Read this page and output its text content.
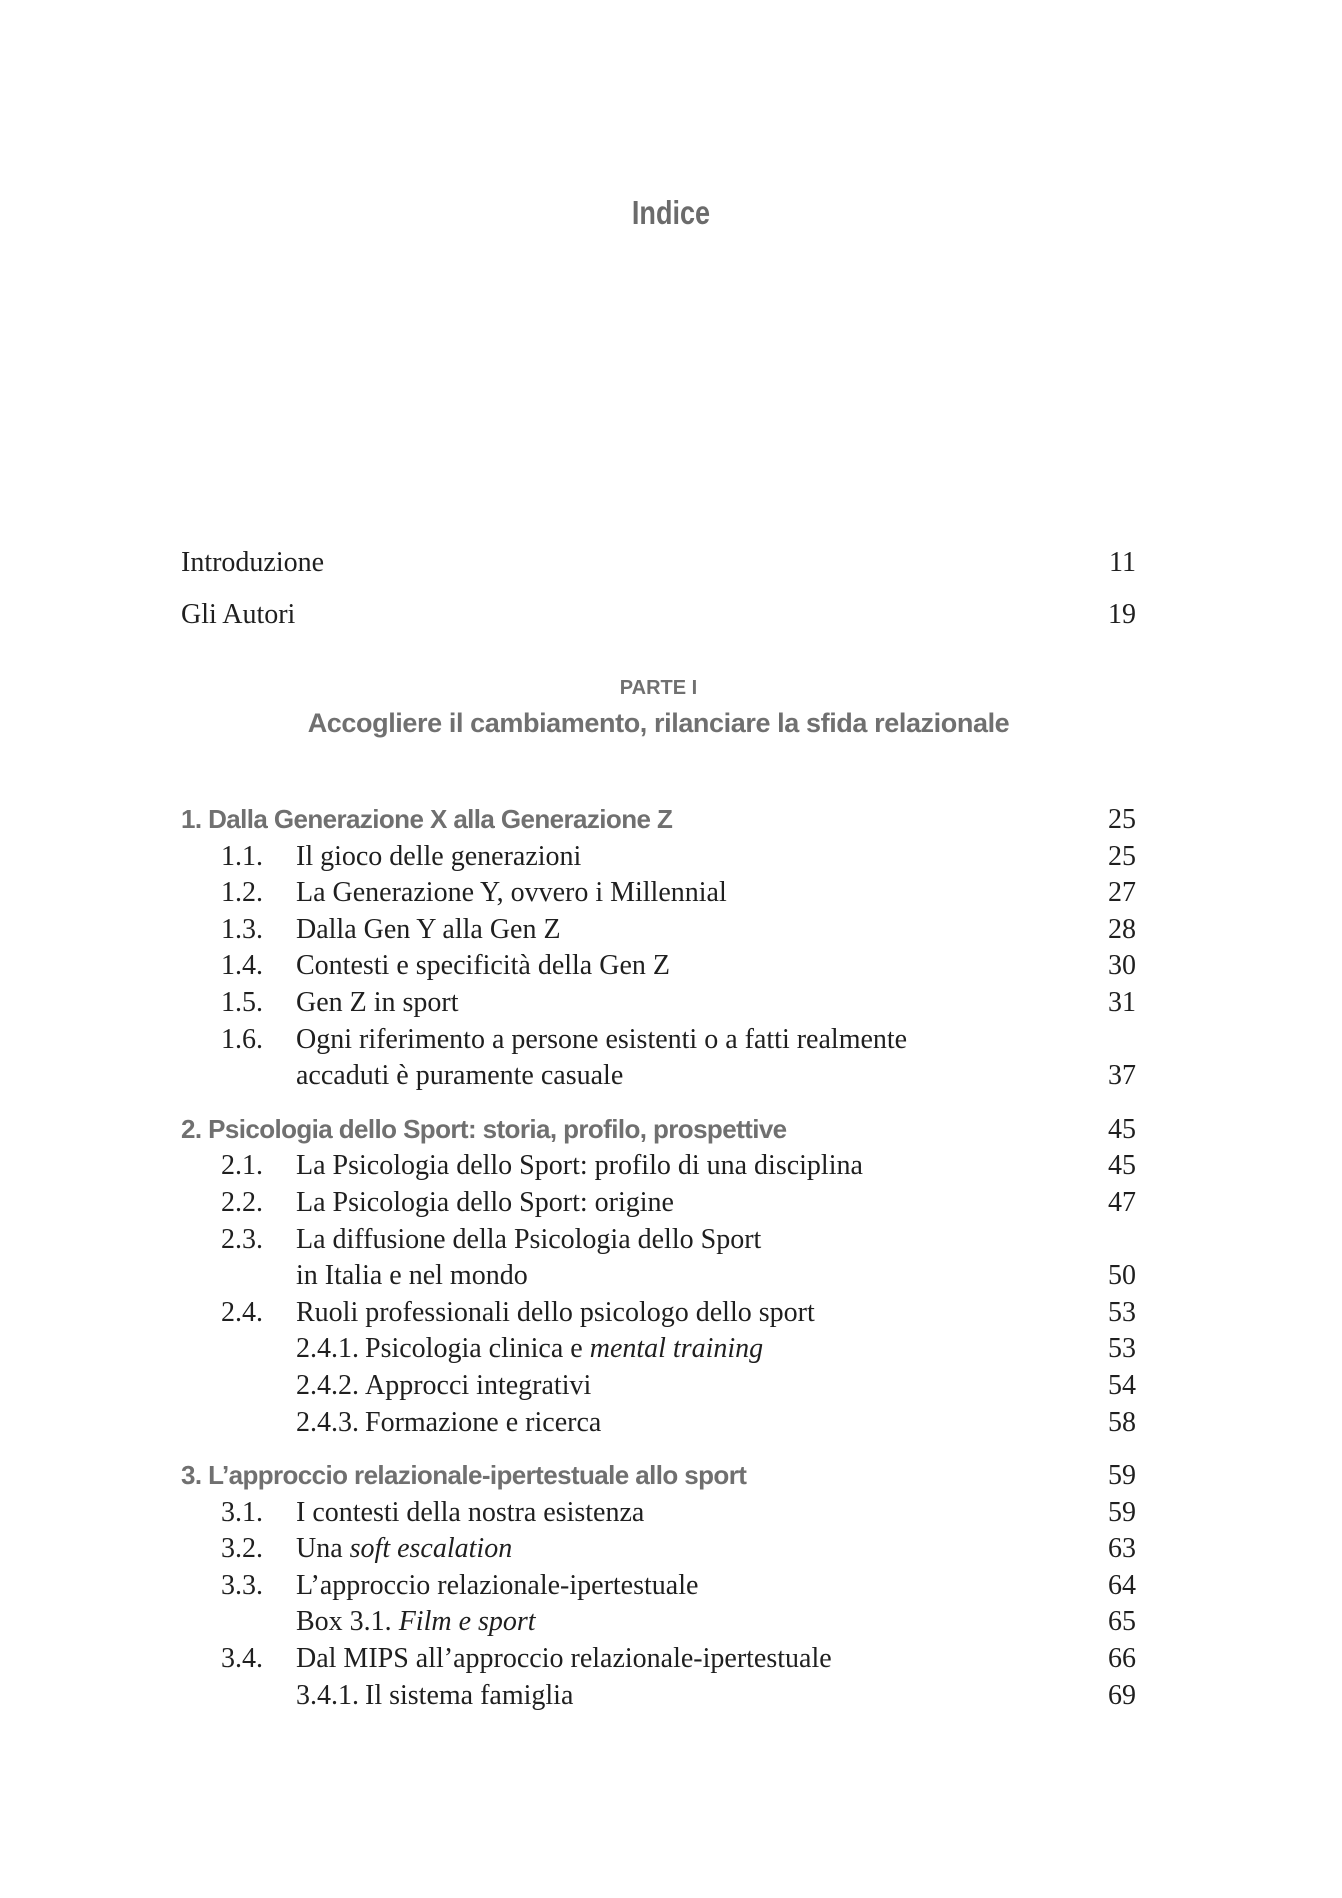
Indice
Introduzione	11
Gli Autori	19
PARTE I
Accogliere il cambiamento, rilanciare la sfida relazionale
1. Dalla Generazione X alla Generazione Z	25
1.1.	Il gioco delle generazioni	25
1.2.	La Generazione Y, ovvero i Millennial	27
1.3.	Dalla Gen Y alla Gen Z	28
1.4.	Contesti e specificità della Gen Z	30
1.5.	Gen Z in sport	31
1.6.	Ogni riferimento a persone esistenti o a fatti realmente
accaduti è puramente casuale	37
2. Psicologia dello Sport: storia, profilo, prospettive	45
2.1.	La Psicologia dello Sport: profilo di una disciplina	45
2.2.	La Psicologia dello Sport: origine	47
2.3.	La diffusione della Psicologia dello Sport
in Italia e nel mondo	50
2.4.	Ruoli professionali dello psicologo dello sport	53
2.4.1. Psicologia clinica e mental training	53
2.4.2. Approcci integrativi	54
2.4.3. Formazione e ricerca	58
3. L’approccio relazionale-ipertestuale allo sport	59
3.1.	I contesti della nostra esistenza	59
3.2.	Una soft escalation	63
3.3.	L’approccio relazionale-ipertestuale	64
Box 3.1. Film e sport	65
3.4.	Dal MIPS all’approccio relazionale-ipertestuale	66
3.4.1. Il sistema famiglia	69
